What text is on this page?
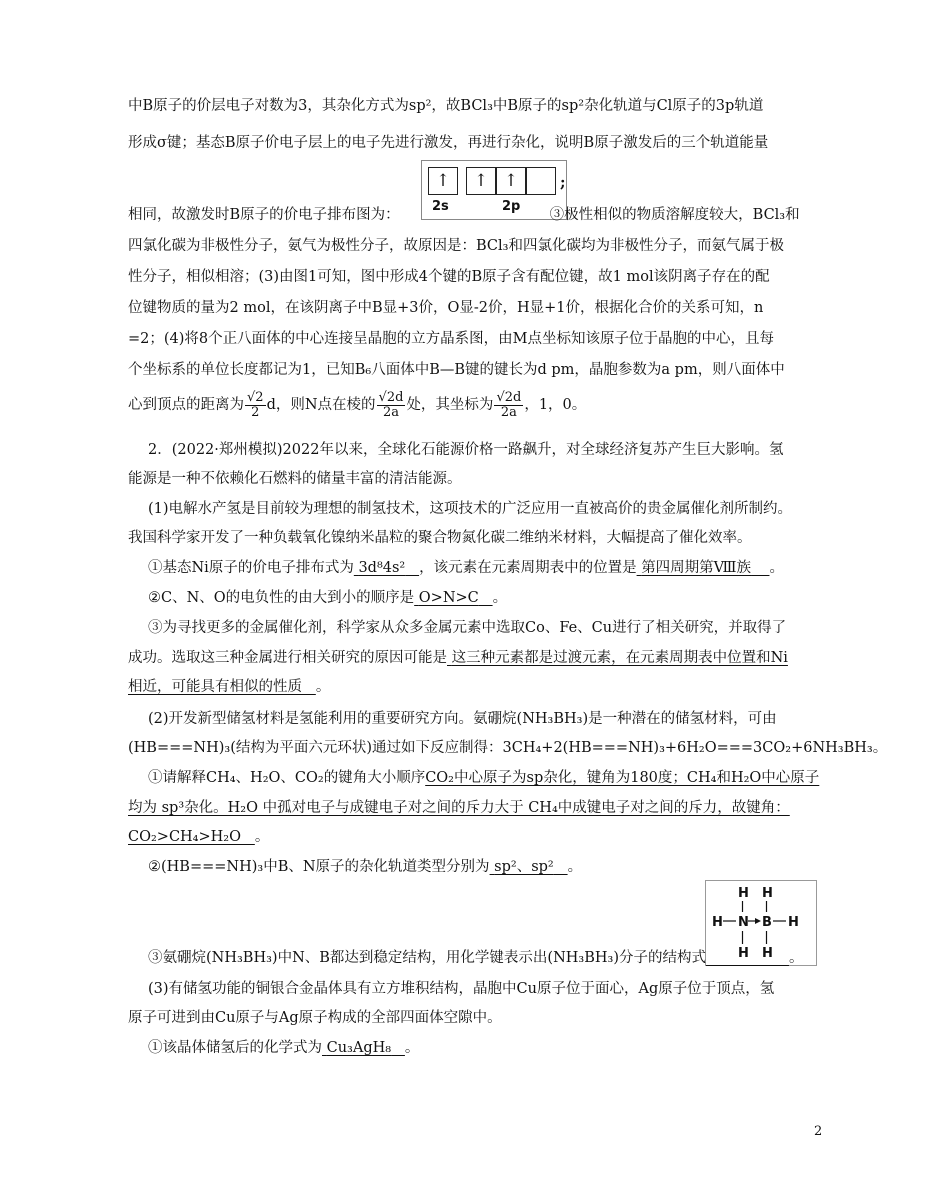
中B原子的价层电子对数为3，其杂化方式为sp²，故BCl₃中B原子的sp²杂化轨道与Cl原子的3p轨道
形成σ键；基态B原子价电子层上的电子先进行激发，再进行杂化，说明B原子激发后的三个轨道能量
↑	↑ ↑	;
2s	2p
相同，故激发时B原子的价电子排布图为：	③极性相似的物质溶解度较大，BCl₃和
四氯化碳为非极性分子，氨气为极性分子，故原因是：BCl₃和四氯化碳均为非极性分子，而氨气属于极
性分子，相似相溶；(3)由图1可知，图中形成4个键的B原子含有配位键，故1 mol该阴离子存在的配
位键物质的量为2 mol，在该阴离子中B显+3价，O显-2价，H显+1价，根据化合价的关系可知，n
=2；(4)将8个正八面体的中心连接呈晶胞的立方晶系图，由M点坐标知该原子位于晶胞的中心，且每
个坐标系的单位长度都记为1，已知B₆八面体中B—B键的键长为d pm，晶胞参数为a pm，则八面体中
心到顶点的距离为 $\frac{√2}{2}$ d，则N点在棱的 $\frac{√2d}{2a}$ 处，其坐标为 $\frac{√2d}{2a}$ ，1，0。
2．(2022·郑州模拟)2022年以来，全球化石能源价格一路飙升，对全球经济复苏产生巨大影响。氢
能源是一种不依赖化石燃料的储量丰富的清洁能源。
(1)电解水产氢是目前较为理想的制氢技术，这项技术的广泛应用一直被高价的贵金属催化剂所制约。
我国科学家开发了一种负载氧化镍纳米晶粒的聚合物氮化碳二维纳米材料，大幅提高了催化效率。
①基态Ni原子的价电子排布式为 3d⁸4s² ，该元素在元素周期表中的位置是 第四周期第Ⅷ族 。
②C、N、O的电负性的由大到小的顺序是 O>N>C 。
③为寻找更多的金属催化剂，科学家从众多金属元素中选取Co、Fe、Cu进行了相关研究，并取得了
成功。选取这三种金属进行相关研究的原因可能是 这三种元素都是过渡元素，在元素周期表中位置和Ni
相近，可能具有相似的性质 。
(2)开发新型储氢材料是氢能利用的重要研究方向。氨硼烷(NH₃BH₃)是一种潜在的储氢材料，可由
(HB===NH)₃(结构为平面六元环状)通过如下反应制得：3CH₄+2(HB===NH)₃+6H₂O===3CO₂+6NH₃BH₃。
①请解释CH₄、H₂O、CO₂的键角大小顺序CO₂中心原子为sp杂化，键角为180度；CH₄和H₂O中心原子
均为 sp³杂化。H₂O 中孤对电子与成键电子对之间的斥力大于 CH₄中成键电子对之间的斥力，故键角：
CO₂>CH₄>H₂O 。
②(HB===NH)₃中B、N原子的杂化轨道类型分别为 sp²、sp² 。
H H
H N B H
H H
③氨硼烷(NH₃BH₃)中N、B都达到稳定结构，用化学键表示出(NH₃BH₃)分子的结构式	。
(3)有储氢功能的铜银合金晶体具有立方堆积结构，晶胞中Cu原子位于面心，Ag原子位于顶点，氢
原子可进到由Cu原子与Ag原子构成的全部四面体空隙中。
①该晶体储氢后的化学式为 Cu₃AgH₈ 。
2
